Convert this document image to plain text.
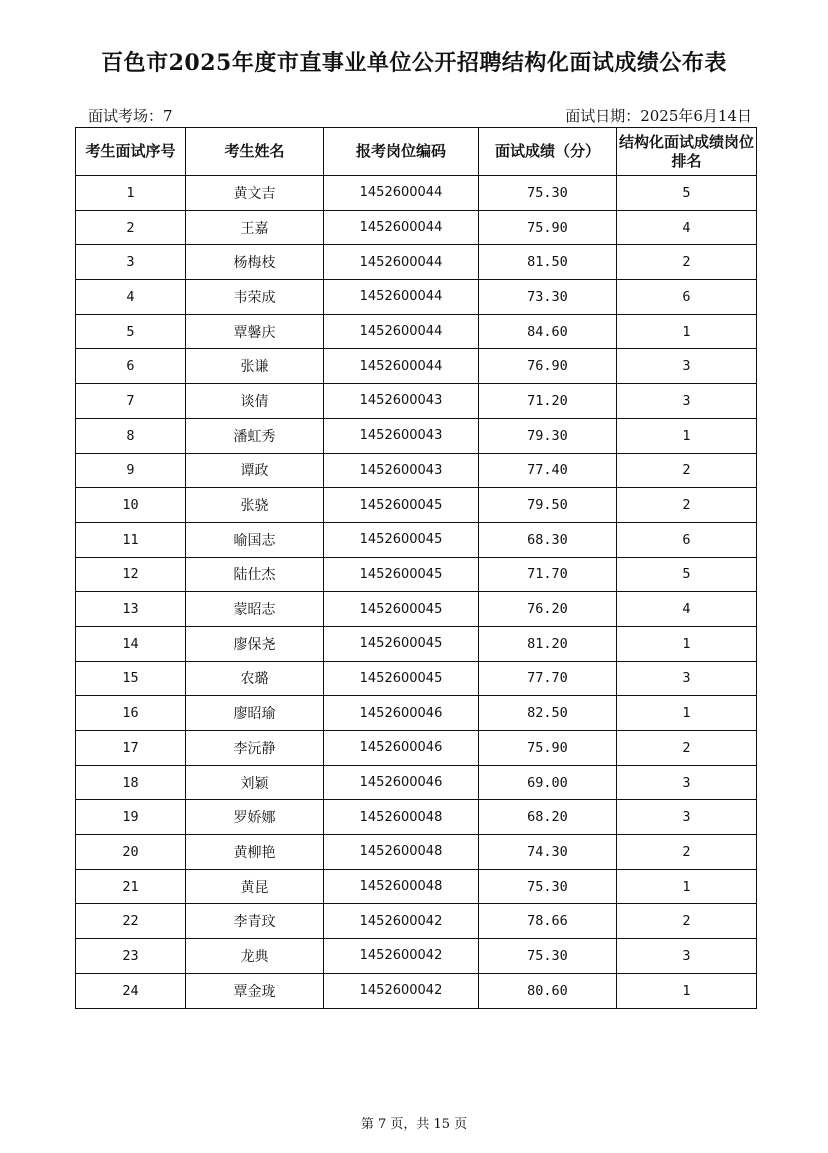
百色市2025年度市直事业单位公开招聘结构化面试成绩公布表
面试考场：7	面试日期：2025年6月14日
考生面试序号	考生姓名	报考岗位编码	面试成绩（分）	结构化面试成绩岗位排名
1	黄文吉	1452600044	75.30	5
2	王嘉	1452600044	75.90	4
3	杨梅枝	1452600044	81.50	2
4	韦荣成	1452600044	73.30	6
5	覃馨庆	1452600044	84.60	1
6	张谦	1452600044	76.90	3
7	谈倩	1452600043	71.20	3
8	潘虹秀	1452600043	79.30	1
9	谭政	1452600043	77.40	2
10	张骁	1452600045	79.50	2
11	喻国志	1452600045	68.30	6
12	陆仕杰	1452600045	71.70	5
13	蒙昭志	1452600045	76.20	4
14	廖保尧	1452600045	81.20	1
15	农璐	1452600045	77.70	3
16	廖昭瑜	1452600046	82.50	1
17	李沅静	1452600046	75.90	2
18	刘颖	1452600046	69.00	3
19	罗娇娜	1452600048	68.20	3
20	黄柳艳	1452600048	74.30	2
21	黄昆	1452600048	75.30	1
22	李青玟	1452600042	78.66	2
23	龙典	1452600042	75.30	3
24	覃金珑	1452600042	80.60	1
第 7 页，共 15 页
